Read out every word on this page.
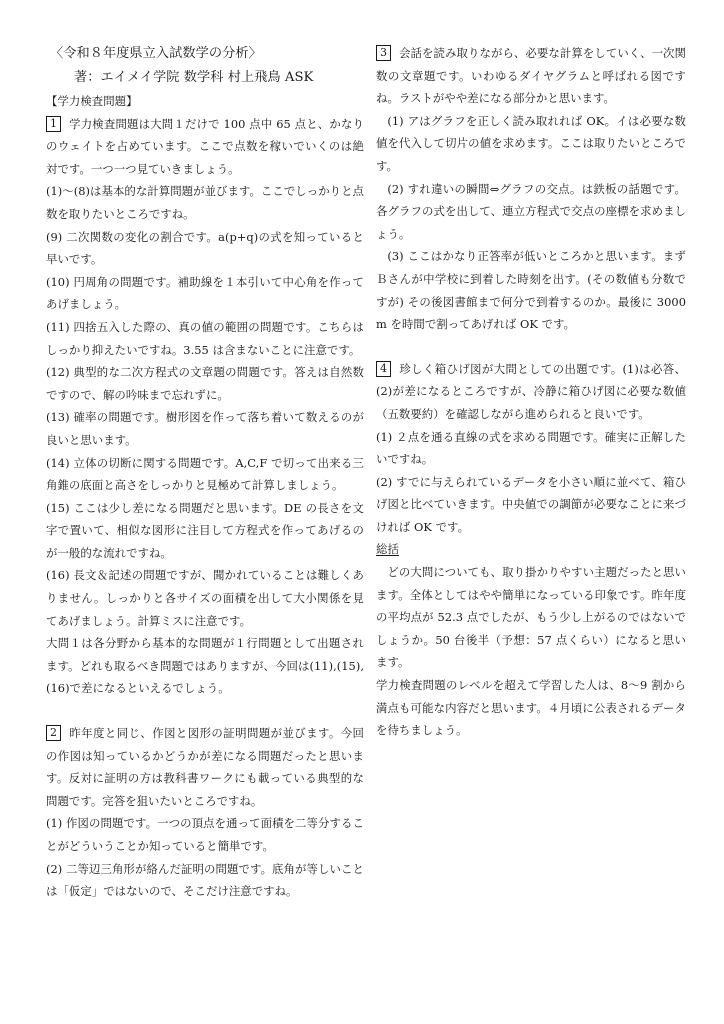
〈令和８年度県立入試数学の分析〉

著：エイメイ学院 数学科 村上飛鳥 ASK

【学力検査問題】

1 学力検査問題は大問１だけで 100 点中 65 点と、かなりのウェイトを占めています。ここで点数を稼いでいくのは絶対です。一つ一つ見ていきましょう。

(1)〜(8)は基本的な計算問題が並びます。ここでしっかりと点数を取りたいところですね。

(9) 二次関数の変化の割合です。a(p+q)の式を知っていると早いです。

(10) 円周角の問題です。補助線を１本引いて中心角を作ってあげましょう。

(11) 四捨五入した際の、真の値の範囲の問題です。こちらはしっかり抑えたいですね。3.55 は含まないことに注意です。

(12) 典型的な二次方程式の文章題の問題です。答えは自然数ですので、解の吟味まで忘れずに。

(13) 確率の問題です。樹形図を作って落ち着いて数えるのが良いと思います。

(14) 立体の切断に関する問題です。A,C,F で切って出来る三角錐の底面と高さをしっかりと見極めて計算しましょう。

(15) ここは少し差になる問題だと思います。DE の長さを文字で置いて、相似な図形に注目して方程式を作ってあげるのが一般的な流れですね。

(16) 長文＆記述の問題ですが、聞かれていることは難しくありません。しっかりと各サイズの面積を出して大小関係を見てあげましょう。計算ミスに注意です。

大問１は各分野から基本的な問題が１行問題として出題されます。どれも取るべき問題ではありますが、今回は(11),(15),(16)で差になるといえるでしょう。

2 昨年度と同じ、作図と図形の証明問題が並びます。今回の作図は知っているかどうかが差になる問題だったと思います。反対に証明の方は教科書ワークにも載っている典型的な問題です。完答を狙いたいところですね。

(1) 作図の問題です。一つの頂点を通って面積を二等分することがどういうことか知っていると簡単です。

(2) 二等辺三角形が絡んだ証明の問題です。底角が等しいことは「仮定」ではないので、そこだけ注意ですね。

3 会話を読み取りながら、必要な計算をしていく、一次関数の文章題です。いわゆるダイヤグラムと呼ばれる図ですね。ラストがやや差になる部分かと思います。

(1) アはグラフを正しく読み取れれば OK。イは必要な数値を代入して切片の値を求めます。ここは取りたいところです。

(2) すれ違いの瞬間⇔グラフの交点。は鉄板の話題です。各グラフの式を出して、連立方程式で交点の座標を求めましょう。

(3) ここはかなり正答率が低いところかと思います。まずＢさんが中学校に到着した時刻を出す。(その数値も分数ですが) その後図書館まで何分で到着するのか。最後に 3000m を時間で割ってあげれば OK です。

4 珍しく箱ひげ図が大問としての出題です。(1)は必答、(2)が差になるところですが、冷静に箱ひげ図に必要な数値（五数要約）を確認しながら進められると良いです。

(1) ２点を通る直線の式を求める問題です。確実に正解したいですね。

(2) すでに与えられているデータを小さい順に並べて、箱ひげ図と比べていきます。中央値での調節が必要なことに来づければ OK です。

総括

どの大問についても、取り掛かりやすい主題だったと思います。全体としてはやや簡単になっている印象です。昨年度の平均点が 52.3 点でしたが、もう少し上がるのではないでしょうか。50 台後半（予想：57 点くらい）になると思います。

学力検査問題のレベルを超えて学習した人は、8〜9 割から満点も可能な内容だと思います。４月頃に公表されるデータを待ちましょう。
